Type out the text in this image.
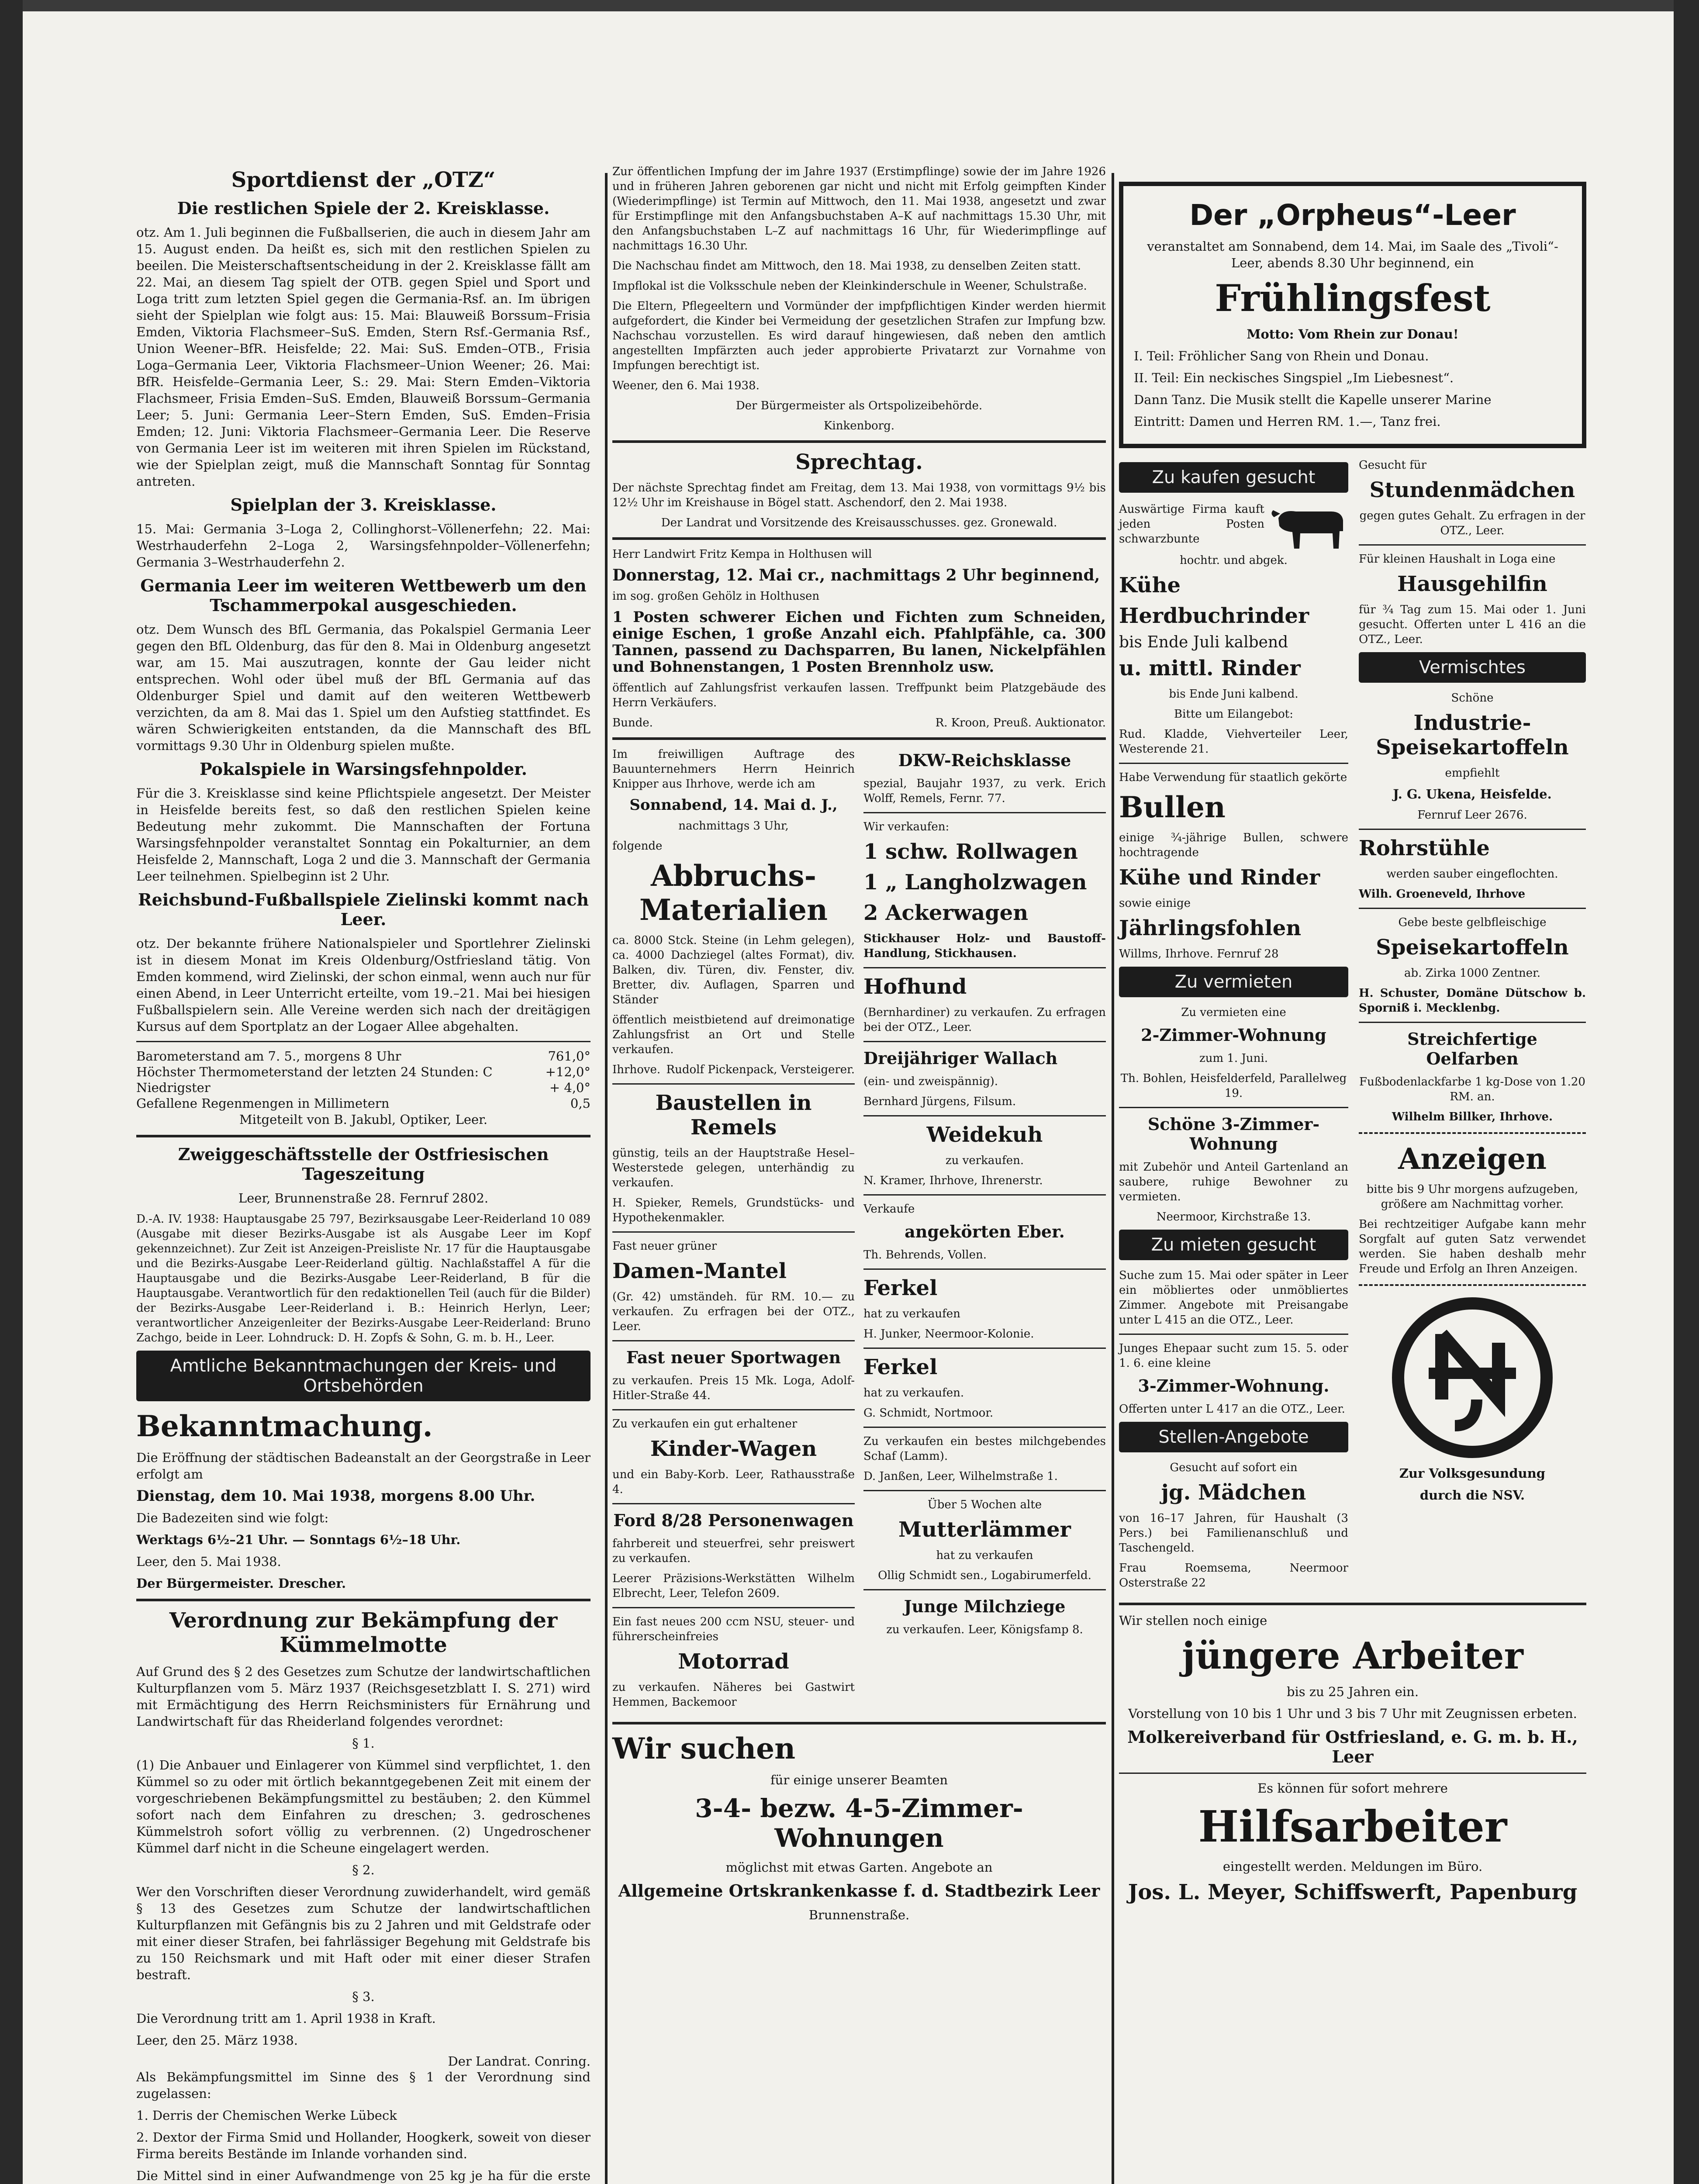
Sportdienst der „OTZ“
Die restlichen Spiele der 2. Kreisklasse.
otz. Am 1. Juli beginnen die Fußballserien, die auch in diesem Jahr am 15. August enden. Da heißt es, sich mit den restlichen Spielen zu beeilen. Die Meisterschaftsentscheidung in der 2. Kreisklasse fällt am 22. Mai, an diesem Tag spielt der OTB. gegen Spiel und Sport und Loga tritt zum letzten Spiel gegen die Germania-Rsf. an. Im übrigen sieht der Spielplan wie folgt aus: 15. Mai: Blauweiß Borssum–Frisia Emden, Viktoria Flachsmeer–SuS. Emden, Stern Rsf.-Germania Rsf., Union Weener–BfR. Heisfelde; 22. Mai: SuS. Emden–OTB., Frisia Loga–Germania Leer, Viktoria Flachsmeer–Union Weener; 26. Mai: BfR. Heisfelde–Germania Leer, S.: 29. Mai: Stern Emden–Viktoria Flachsmeer, Frisia Emden–SuS. Emden, Blauweiß Borssum–Germania Leer; 5. Juni: Germania Leer–Stern Emden, SuS. Emden–Frisia Emden; 12. Juni: Viktoria Flachsmeer–Germania Leer. Die Reserve von Germania Leer ist im weiteren mit ihren Spielen im Rückstand, wie der Spielplan zeigt, muß die Mannschaft Sonntag für Sonntag antreten.
Spielplan der 3. Kreisklasse.
15. Mai: Germania 3–Loga 2, Collinghorst–Völlenerfehn; 22. Mai: Westrhauderfehn 2–Loga 2, Warsingsfehnpolder–Völlenerfehn; Germania 3–Westrhauderfehn 2.
Germania Leer im weiteren Wettbewerb um den Tschammerpokal ausgeschieden.
otz. Dem Wunsch des BfL Germania, das Pokalspiel Germania Leer gegen den BfL Oldenburg, das für den 8. Mai in Oldenburg angesetzt war, am 15. Mai auszutragen, konnte der Gau leider nicht entsprechen. Wohl oder übel muß der BfL Germania auf das Oldenburger Spiel und damit auf den weiteren Wettbewerb verzichten, da am 8. Mai das 1. Spiel um den Aufstieg stattfindet. Es wären Schwierigkeiten entstanden, da die Mannschaft des BfL vormittags 9.30 Uhr in Oldenburg spielen mußte.
Pokalspiele in Warsingsfehnpolder.
Für die 3. Kreisklasse sind keine Pflichtspiele angesetzt. Der Meister in Heisfelde bereits fest, so daß den restlichen Spielen keine Bedeutung mehr zukommt. Die Mannschaften der Fortuna Warsingsfehnpolder veranstaltet Sonntag ein Pokalturnier, an dem Heisfelde 2, Mannschaft, Loga 2 und die 3. Mannschaft der Germania Leer teilnehmen. Spielbeginn ist 2 Uhr.
Reichsbund-Fußballspiele Zielinski kommt nach Leer.
otz. Der bekannte frühere Nationalspieler und Sportlehrer Zielinski ist in diesem Monat im Kreis Oldenburg/Ostfriesland tätig. Von Emden kommend, wird Zielinski, der schon einmal, wenn auch nur für einen Abend, in Leer Unterricht erteilte, vom 19.–21. Mai bei hiesigen Fußballspielern sein. Alle Vereine werden sich nach der dreitägigen Kursus auf dem Sportplatz an der Logaer Allee abgehalten.
Barometerstand am 7. 5., morgens 8 Uhr	761,0°
Höchster Thermometerstand der letzten 24 Stunden: C	+12,0°
Niedrigster	+ 4,0°
Gefallene Regenmengen in Millimetern	0,5
Mitgeteilt von B. Jakubl, Optiker, Leer.
Zweiggeschäftsstelle der Ostfriesischen Tageszeitung
Leer, Brunnenstraße 28. Fernruf 2802.
D.-A. IV. 1938: Hauptausgabe 25 797, Bezirksausgabe Leer-Reiderland 10 089 (Ausgabe mit dieser Bezirks-Ausgabe ist als Ausgabe Leer im Kopf gekennzeichnet). Zur Zeit ist Anzeigen-Preisliste Nr. 17 für die Hauptausgabe und die Bezirks-Ausgabe Leer-Reiderland gültig. Nachlaßstaffel A für die Hauptausgabe und die Bezirks-Ausgabe Leer-Reiderland, B für die Hauptausgabe. Verantwortlich für den redaktionellen Teil (auch für die Bilder) der Bezirks-Ausgabe Leer-Reiderland i. B.: Heinrich Herlyn, Leer; verantwortlicher Anzeigenleiter der Bezirks-Ausgabe Leer-Reiderland: Bruno Zachgo, beide in Leer. Lohndruck: D. H. Zopfs & Sohn, G. m. b. H., Leer.
Amtliche Bekanntmachungen der Kreis- und Ortsbehörden
Bekanntmachung.
Die Eröffnung der städtischen Badeanstalt an der Georgstraße in Leer erfolgt am
Dienstag, dem 10. Mai 1938, morgens 8.00 Uhr.
Die Badezeiten sind wie folgt:
Werktags 6½–21 Uhr. — Sonntags 6½–18 Uhr.
Leer, den 5. Mai 1938.
Der Bürgermeister. Drescher.
Verordnung zur Bekämpfung der Kümmelmotte
Auf Grund des § 2 des Gesetzes zum Schutze der landwirtschaftlichen Kulturpflanzen vom 5. März 1937 (Reichsgesetzblatt I. S. 271) wird mit Ermächtigung des Herrn Reichsministers für Ernährung und Landwirtschaft für das Rheiderland folgendes verordnet:
§ 1.
(1) Die Anbauer und Einlagerer von Kümmel sind verpflichtet, 1. den Kümmel so zu oder mit örtlich bekanntgegebenen Zeit mit einem der vorgeschriebenen Bekämpfungsmittel zu bestäuben; 2. den Kümmel sofort nach dem Einfahren zu dreschen; 3. gedroschenes Kümmelstroh sofort völlig zu verbrennen. (2) Ungedroschener Kümmel darf nicht in die Scheune eingelagert werden.
§ 2.
Wer den Vorschriften dieser Verordnung zuwiderhandelt, wird gemäß § 13 des Gesetzes zum Schutze der landwirtschaftlichen Kulturpflanzen mit Gefängnis bis zu 2 Jahren und mit Geldstrafe oder mit einer dieser Strafen, bei fahrlässiger Begehung mit Geldstrafe bis zu 150 Reichsmark und mit Haft oder mit einer dieser Strafen bestraft.
§ 3.
Die Verordnung tritt am 1. April 1938 in Kraft.
Leer, den 25. März 1938.
Der Landrat. Conring.
Als Bekämpfungsmittel im Sinne des § 1 der Verordnung sind zugelassen:
1. Derris der Chemischen Werke Lübeck
2. Dextor der Firma Smid und Hollander, Hoogkerk, soweit von dieser Firma bereits Bestände im Inlande vorhanden sind.
Die Mittel sind in einer Aufwandmenge von 25 kg je ha für die erste
Zur öffentlichen Impfung der im Jahre 1937 (Erstimpflinge) sowie der im Jahre 1926 und in früheren Jahren geborenen gar nicht und nicht mit Erfolg geimpften Kinder (Wiederimpflinge) ist Termin auf Mittwoch, den 11. Mai 1938, angesetzt und zwar für Erstimpflinge mit den Anfangsbuchstaben A–K auf nachmittags 15.30 Uhr, mit den Anfangsbuchstaben L–Z auf nachmittags 16 Uhr, für Wiederimpflinge auf nachmittags 16.30 Uhr.
Die Nachschau findet am Mittwoch, den 18. Mai 1938, zu denselben Zeiten statt.
Impflokal ist die Volksschule neben der Kleinkinderschule in Weener, Schulstraße.
Die Eltern, Pflegeeltern und Vormünder der impfpflichtigen Kinder werden hiermit aufgefordert, die Kinder bei Vermeidung der gesetzlichen Strafen zur Impfung bzw. Nachschau vorzustellen. Es wird darauf hingewiesen, daß neben den amtlich angestellten Impfärzten auch jeder approbierte Privatarzt zur Vornahme von Impfungen berechtigt ist.
Weener, den 6. Mai 1938.
Der Bürgermeister als Ortspolizeibehörde.
Kinkenborg.
Sprechtag.
Der nächste Sprechtag findet am Freitag, dem 13. Mai 1938, von vormittags 9½ bis 12½ Uhr im Kreishause in Bögel statt. Aschendorf, den 2. Mai 1938.
Der Landrat und Vorsitzende des Kreisausschusses. gez. Gronewald.
Herr Landwirt Fritz Kempa in Holthusen will
Donnerstag, 12. Mai cr., nachmittags 2 Uhr beginnend,
im sog. großen Gehölz in Holthusen
1 Posten schwerer Eichen und Fichten zum Schneiden, einige Eschen, 1 große Anzahl eich. Pfahlpfähle, ca. 300 Tannen, passend zu Dachsparren, Bu lanen, Nickelpfählen und Bohnenstangen, 1 Posten Brennholz usw.
öffentlich auf Zahlungsfrist verkaufen lassen. Treffpunkt beim Platzgebäude des Herrn Verkäufers.
Bunde.	R. Kroon, Preuß. Auktionator.
Im freiwilligen Auftrage des Bauunternehmers Herrn Heinrich Knipper aus Ihrhove, werde ich am
Sonnabend, 14. Mai d. J.,
nachmittags 3 Uhr,
folgende
Abbruchs-Materialien
ca. 8000 Stck. Steine (in Lehm gelegen), ca. 4000 Dachziegel (altes Format), div. Balken, div. Türen, div. Fenster, div. Bretter, div. Auflagen, Sparren und Ständer
öffentlich meistbietend auf dreimonatige Zahlungsfrist an Ort und Stelle verkaufen.
Ihrhove. Rudolf Pickenpack, Versteigerer.
Baustellen in Remels
günstig, teils an der Hauptstraße Hesel–Westerstede gelegen, unterhändig zu verkaufen.
H. Spieker, Remels, Grundstücks- und Hypothekenmakler.
Fast neuer grüner
Damen-Mantel
(Gr. 42) umständeh. für RM. 10.— zu verkaufen. Zu erfragen bei der OTZ., Leer.
Fast neuer Sportwagen
zu verkaufen. Preis 15 Mk. Loga, Adolf-Hitler-Straße 44.
Zu verkaufen ein gut erhaltener
Kinder-Wagen
und ein Baby-Korb. Leer, Rathausstraße 4.
Ford 8/28 Personenwagen
fahrbereit und steuerfrei, sehr preiswert zu verkaufen.
Leerer Präzisions-Werkstätten Wilhelm Elbrecht, Leer, Telefon 2609.
Ein fast neues 200 ccm NSU, steuer- und führerscheinfreies
Motorrad
zu verkaufen. Näheres bei Gastwirt Hemmen, Backemoor
DKW-Reichsklasse
spezial, Baujahr 1937, zu verk. Erich Wolff, Remels, Fernr. 77.
Wir verkaufen:
1 schw. Rollwagen
1 „ Langholzwagen
2 Ackerwagen
Stickhauser Holz- und Baustoff-Handlung, Stickhausen.
Hofhund
(Bernhardiner) zu verkaufen. Zu erfragen bei der OTZ., Leer.
Dreijähriger Wallach
(ein- und zweispännig).
Bernhard Jürgens, Filsum.
Weidekuh
zu verkaufen.
N. Kramer, Ihrhove, Ihrenerstr.
Verkaufe
angekörten Eber.
Th. Behrends, Vollen.
Ferkel
hat zu verkaufen
H. Junker, Neermoor-Kolonie.
Ferkel
hat zu verkaufen.
G. Schmidt, Nortmoor.
Zu verkaufen ein bestes milchgebendes Schaf (Lamm).
D. Janßen, Leer, Wilhelmstraße 1.
Über 5 Wochen alte
Mutterlämmer
hat zu verkaufen
Ollig Schmidt sen., Logabirumerfeld.
Junge Milchziege
zu verkaufen. Leer, Königsfamp 8.
Wir suchen
für einige unserer Beamten
3-4- bezw. 4-5-Zimmer-Wohnungen
möglichst mit etwas Garten. Angebote an
Allgemeine Ortskrankenkasse f. d. Stadtbezirk Leer
Brunnenstraße.
Der „Orpheus“-Leer
veranstaltet am Sonnabend, dem 14. Mai, im Saale des „Tivoli“-Leer, abends 8.30 Uhr beginnend, ein
Frühlingsfest
Motto: Vom Rhein zur Donau!
I. Teil: Fröhlicher Sang von Rhein und Donau.
II. Teil: Ein neckisches Singspiel „Im Liebesnest“.
Dann Tanz. Die Musik stellt die Kapelle unserer Marine
Eintritt: Damen und Herren RM. 1.—, Tanz frei.
Zu kaufen gesucht
Auswärtige Firma kauft jeden Posten schwarzbunte
hochtr. und abgek.
Kühe
Herdbuchrinder
bis Ende Juli kalbend
u. mittl. Rinder
bis Ende Juni kalbend.
Bitte um Eilangebot:
Rud. Kladde, Viehverteiler Leer, Westerende 21.
Habe Verwendung für staatlich gekörte
Bullen
einige ¾-jährige Bullen, schwere hochtragende
Kühe und Rinder
sowie einige
Jährlingsfohlen
Willms, Ihrhove. Fernruf 28
Zu vermieten
Zu vermieten eine
2-Zimmer-Wohnung
zum 1. Juni.
Th. Bohlen, Heisfelderfeld, Parallelweg 19.
Schöne 3-Zimmer-Wohnung
mit Zubehör und Anteil Gartenland an saubere, ruhige Bewohner zu vermieten.
Neermoor, Kirchstraße 13.
Zu mieten gesucht
Suche zum 15. Mai oder später in Leer ein möbliertes oder unmöbliertes Zimmer. Angebote mit Preisangabe unter L 415 an die OTZ., Leer.
Junges Ehepaar sucht zum 15. 5. oder 1. 6. eine kleine
3-Zimmer-Wohnung.
Offerten unter L 417 an die OTZ., Leer.
Stellen-Angebote
Gesucht auf sofort ein
jg. Mädchen
von 16–17 Jahren, für Haushalt (3 Pers.) bei Familienanschluß und Taschengeld.
Frau Roemsema, Neermoor Osterstraße 22
Gesucht für
Stundenmädchen
gegen gutes Gehalt. Zu erfragen in der OTZ., Leer.
Für kleinen Haushalt in Loga eine
Hausgehilfin
für ¾ Tag zum 15. Mai oder 1. Juni gesucht. Offerten unter L 416 an die OTZ., Leer.
Vermischtes
Schöne
Industrie-Speisekartoffeln
empfiehlt
J. G. Ukena, Heisfelde.
Fernruf Leer 2676.
Rohrstühle
werden sauber eingeflochten.
Wilh. Groeneveld, Ihrhove
Gebe beste gelbfleischige
Speisekartoffeln
ab. Zirka 1000 Zentner.
H. Schuster, Domäne Dütschow b. Sporniß i. Mecklenbg.
Streichfertige Oelfarben
Fußbodenlackfarbe 1 kg-Dose von 1.20 RM. an.
Wilhelm Billker, Ihrhove.
Anzeigen
bitte bis 9 Uhr morgens aufzugeben, größere am Nachmittag vorher.
Bei rechtzeitiger Aufgabe kann mehr Sorgfalt auf guten Satz verwendet werden. Sie haben deshalb mehr Freude und Erfolg an Ihren Anzeigen.
Zur Volksgesundung
durch die NSV.
Wir stellen noch einige
jüngere Arbeiter
bis zu 25 Jahren ein.
Vorstellung von 10 bis 1 Uhr und 3 bis 7 Uhr mit Zeugnissen erbeten.
Molkereiverband für Ostfriesland, e. G. m. b. H., Leer
Es können für sofort mehrere
Hilfsarbeiter
eingestellt werden. Meldungen im Büro.
Jos. L. Meyer, Schiffswerft, Papenburg
